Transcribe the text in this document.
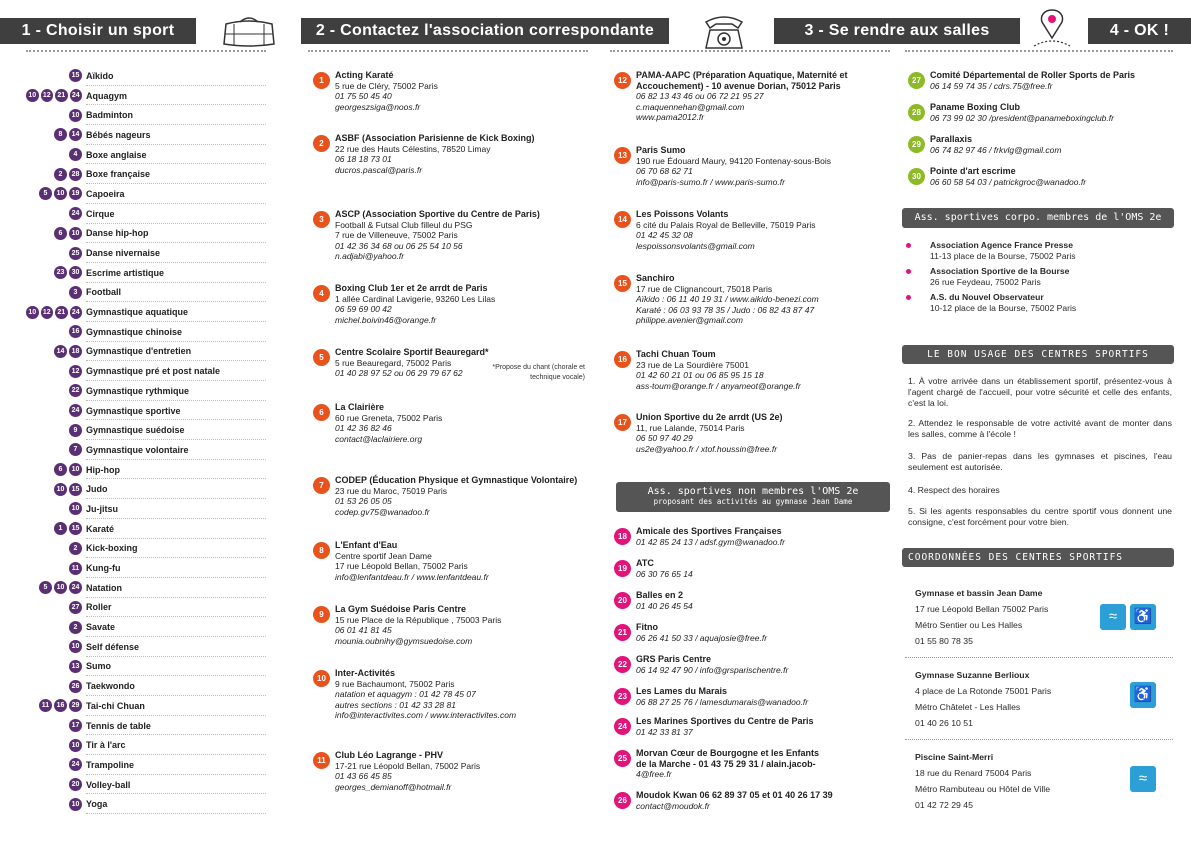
1 - Choisir un sport	2 - Contactez l'association correspondante	3 - Se rendre aux salles	4 - OK !
15 Aïkido
10 12 21 24 Aquagym
10 Badminton
8	14 Bébés nageurs
4 Boxe anglaise
2	28 Boxe française
5	10	19 Capoeira
24 Cirque
6	10 Danse hip-hop
25 Danse nivernaise
23	30 Escrime artistique
3 Football
10 12 21 24 Gymnastique aquatique
16 Gymnastique chinoise
14	18 Gymnastique d'entretien
12 Gymnastique pré et post natale
22 Gymnastique rythmique
24 Gymnastique sportive
9 Gymnastique suédoise
7 Gymnastique volontaire
6	10 Hip-hop
10	15 Judo
10 Ju-jitsu
1	15 Karaté
2 Kick-boxing
11 Kung-fu
5	10	24 Natation
27 Roller
2 Savate
10 Self défense
13 Sumo
26 Taekwondo
11	16	29 Tai-chi Chuan
17 Tennis de table
10 Tir à l'arc
24 Trampoline
20 Volley-ball
10 Yoga
1
Acting Karaté
5 rue de Cléry, 75002 Paris
01 75 50 45 40
georgeszsiga@noos.fr
2
ASBF (Association Parisienne de Kick Boxing)
22 rue des Hauts Célestins, 78520 Limay
06 18 18 73 01
ducros.pascal@paris.fr
3
ASCP (Association Sportive du Centre de Paris)
Football & Futsal Club filleul du PSG
7 rue de Villeneuve, 75002 Paris
01 42 36 34 68 ou 06 25 54 10 56
n.adjabi@yahoo.fr
4
Boxing Club 1er et 2e arrdt de Paris
1 allée Cardinal Lavigerie, 93260 Les Lilas
06 59 69 00 42
michel.boivin46@orange.fr
5
Centre Scolaire Sportif Beauregard*
5 rue Beauregard, 75002 Paris
01 40 28 97 52 ou 06 29 79 67 62
6
La Clairière
60 rue Greneta, 75002 Paris
01 42 36 82 46
contact@laclairiere.org
7
CODEP (Éducation Physique et Gymnastique Volontaire)
23 rue du Maroc, 75019 Paris
01 53 26 05 05
codep.gv75@wanadoo.fr
8
L'Enfant d'Eau
Centre sportif Jean Dame
17 rue Léopold Bellan, 75002 Paris
info@lenfantdeau.fr / www.lenfantdeau.fr
9
La Gym Suédoise Paris Centre
15 rue Place de la République , 75003 Paris
06 01 41 81 45
mounia.oubnihy@gymsuedoise.com
10
Inter-Activités
9 rue Bachaumont, 75002 Paris
natation et aquagym : 01 42 78 45 07
autres sections : 01 42 33 28 81
info@interactivites.com / www.interactivites.com
11
Club Léo Lagrange - PHV
17-21 rue Léopold Bellan, 75002 Paris
01 43 66 45 85
georges_demianoff@hotmail.fr
12
PAMA-AAPC (Préparation Aquatique, Maternité et Accouchement) - 10 avenue Dorian, 75012 Paris
06 82 13 43 46 ou 06 72 21 95 27
c.maquennehan@gmail.com
www.pama2012.fr
13
Paris Sumo
190 rue Édouard Maury, 94120 Fontenay-sous-Bois
06 70 68 62 71
info@paris-sumo.fr / www.paris-sumo.fr
14
Les Poissons Volants
6 cité du Palais Royal de Belleville, 75019 Paris
01 42 45 32 08
lespoissonsvolants@gmail.com
15
Sanchiro
17 rue de Clignancourt, 75018 Paris
Aïkido : 06 11 40 19 31 / www.aikido-benezi.com
Karaté : 06 03 93 78 35 / Judo : 06 82 43 87 47
philippe.avenier@gmail.com
16
Tachi Chuan Toum
23 rue de La Sourdière 75001
01 42 60 21 01 ou 06 85 95 15 18
ass-toum@orange.fr / anyameot@orange.fr
17
Union Sportive du 2e arrdt (US 2e)
11, rue Lalande, 75014 Paris
06 50 97 40 29
us2e@yahoo.fr / xtof.houssin@free.fr
18
Amicale des Sportives Françaises
01 42 85 24 13 / adsf.gym@wanadoo.fr
19
ATC
06 30 76 65 14
20
Balles en 2
01 40 26 45 54
21
Fitno
06 26 41 50 33 / aquajosie@free.fr
22
GRS Paris Centre
06 14 92 47 90 / info@grsparischentre.fr
23
Les Lames du Marais
06 88 27 25 76 / lamesdumarais@wanadoo.fr
24
Les Marines Sportives du Centre de Paris
01 42 33 81 37
25
Morvan Cœur de Bourgogne et les Enfants
de la Marche - 01 43 75 29 31 / alain.jacob-
4@free.fr
26
Moudok Kwan 06 62 89 37 05 et 01 40 26 17 39
contact@moudok.fr
27
Comité Départemental de Roller Sports de Paris
06 14 59 74 35 / cdrs.75@free.fr
28
Paname Boxing Club
06 73 99 02 30 /president@panameboxingclub.fr
29
Parallaxis
06 74 82 97 46 / frkvlg@gmail.com
30
Pointe d'art escrime
06 60 58 54 03 / patrickgroc@wanadoo.fr
*Propose du chant (chorale et technique vocale)
Ass. sportives non membres l'OMS 2e
proposant des activités au gymnase Jean Dame
Ass. sportives corpo. membres de l'OMS 2e
Association Agence France Presse
11-13 place de la Bourse, 75002 Paris
Association Sportive de la Bourse
26 rue Feydeau, 75002 Paris
A.S. du Nouvel Observateur
10-12 place de la Bourse, 75002 Paris
LE BON USAGE DES CENTRES SPORTIFS
1. À votre arrivée dans un établissement sportif, présentez-vous à l'agent chargé de l'accueil, pour votre sécurité et celle des enfants, c'est la loi.
2. Attendez le responsable de votre activité avant de monter dans les salles, comme à l'école !
3. Pas de panier-repas dans les gymnases et piscines, l'eau seulement est autorisée.
4. Respect des horaires
5. Si les agents responsables du centre sportif vous donnent une consigne, c'est forcément pour votre bien.
COORDONNÉES DES CENTRES SPORTIFS
Gymnase et bassin Jean Dame
17 rue Léopold Bellan 75002 Paris
Métro Sentier ou Les Halles
01 55 80 78 35
Gymnase Suzanne Berlioux
4 place de La Rotonde 75001 Paris
Métro Châtelet - Les Halles
01 40 26 10 51
Piscine Saint-Merri
18 rue du Renard 75004 Paris
Métro Rambuteau ou Hôtel de Ville
01 42 72 29 45
≈	♿
♿
≈
